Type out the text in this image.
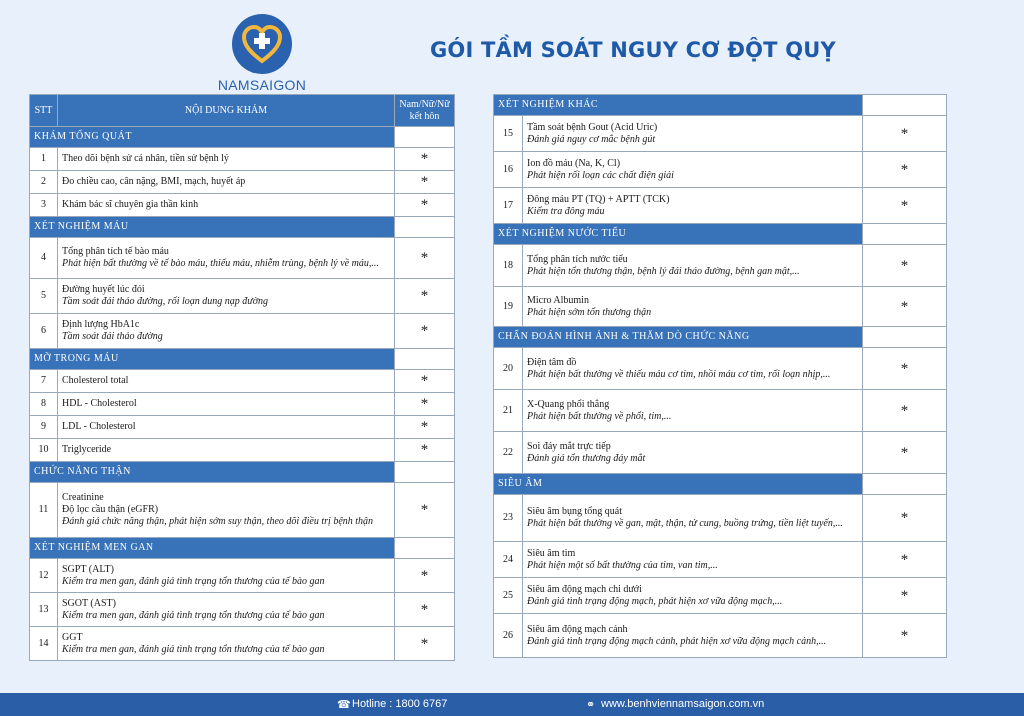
NAMSAIGON
GÓI TẦM SOÁT NGUY CƠ ĐỘT QUỴ
STT	NỘI DUNG KHÁM	Nam/Nữ/Nữ kết hôn
KHÁM TỔNG QUÁT		
1	Theo dõi bệnh sử cá nhân, tiền sử bệnh lý	*
2	Đo chiều cao, cân nặng, BMI, mạch, huyết áp	*
3	Khám bác sĩ chuyên gia thần kinh	*
XÉT NGHIỆM MÁU		
4	Tổng phân tích tế bào máu
Phát hiện bất thường về tế bào máu, thiếu máu, nhiễm trùng, bệnh lý về máu,...	*
5	Đường huyết lúc đói
Tầm soát đái tháo đường, rối loạn dung nạp đường	*
6	Định lượng HbA1c
Tầm soát đái tháo đường	*
MỠ TRONG MÁU		
7	Cholesterol total	*
8	HDL - Cholesterol	*
9	LDL - Cholesterol	*
10	Triglyceride	*
CHỨC NĂNG THẬN		
11	Creatinine
Độ lọc cầu thận (eGFR)
Đánh giá chức năng thận, phát hiện sớm suy thận, theo dõi điều trị bệnh thận	*
XÉT NGHIỆM MEN GAN		
12	SGPT (ALT)
Kiểm tra men gan, đánh giá tình trạng tổn thương của tế bào gan	*
13	SGOT (AST)
Kiểm tra men gan, đánh giá tình trạng tổn thương của tế bào gan	*
14	GGT
Kiểm tra men gan, đánh giá tình trạng tổn thương của tế bào gan	*
XÉT NGHIỆM KHÁC		
15	Tầm soát bệnh Gout (Acid Uric)
Đánh giá nguy cơ mắc bệnh gút	*
16	Ion đồ máu (Na, K, Cl)
Phát hiện rối loạn các chất điện giải	*
17	Đông máu PT (TQ) + APTT (TCK)
Kiểm tra đông máu	*
XÉT NGHIỆM NƯỚC TIỂU		
18	Tổng phân tích nước tiểu
Phát hiện tổn thương thận, bệnh lý đái tháo đường, bệnh gan mật,...	*
19	Micro Albumin
Phát hiện sớm tổn thương thận	*
CHẨN ĐOÁN HÌNH ẢNH & THĂM DÒ CHỨC NĂNG		
20	Điện tâm đồ
Phát hiện bất thường về thiếu máu cơ tim, nhồi máu cơ tim, rối loạn nhịp,...	*
21	X-Quang phổi thẳng
Phát hiện bất thường về phổi, tim,...	*
22	Soi đáy mắt trực tiếp
Đánh giá tổn thương đáy mắt	*
SIÊU ÂM		
23	Siêu âm bụng tổng quát
Phát hiện bất thường về gan, mật, thận, tử cung, buồng trứng, tiền liệt tuyến,...	*
24	Siêu âm tim
Phát hiện một số bất thường của tim, van tim,...	*
25	Siêu âm động mạch chi dưới
Đánh giá tình trạng động mạch, phát hiện xơ vữa động mạch,...	*
26	Siêu âm động mạch cảnh
Đánh giá tình trạng động mạch cảnh, phát hiện xơ vữa động mạch cảnh,...	*
☎ Hotline : 1800 6767	⚭ www.benhviennamsaigon.com.vn
